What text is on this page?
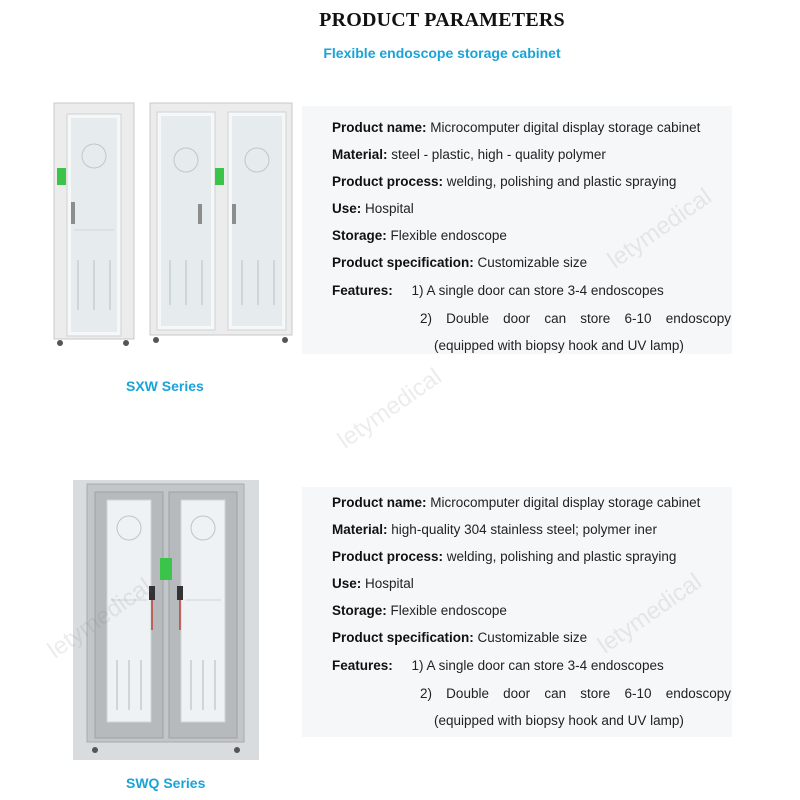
PRODUCT PARAMETERS
Flexible endoscope storage cabinet
SXW Series
Product name: Microcomputer digital display storage cabinet
Material: steel - plastic, high - quality polymer
Product process: welding, polishing and plastic spraying
Use: Hospital
Storage: Flexible endoscope
Product specification: Customizable size
Features: 1) A single door can store 3-4 endoscopes
2) Double door can store 6-10 endoscopy
(equipped with biopsy hook and UV lamp)
SWQ Series
Product name: Microcomputer digital display storage cabinet
Material: high-quality 304 stainless steel; polymer iner
Product process: welding, polishing and plastic spraying
Use: Hospital
Storage: Flexible endoscope
Product specification: Customizable size
Features: 1) A single door can store 3-4 endoscopes
2) Double door can store 6-10 endoscopy
(equipped with biopsy hook and UV lamp)
letymedical
